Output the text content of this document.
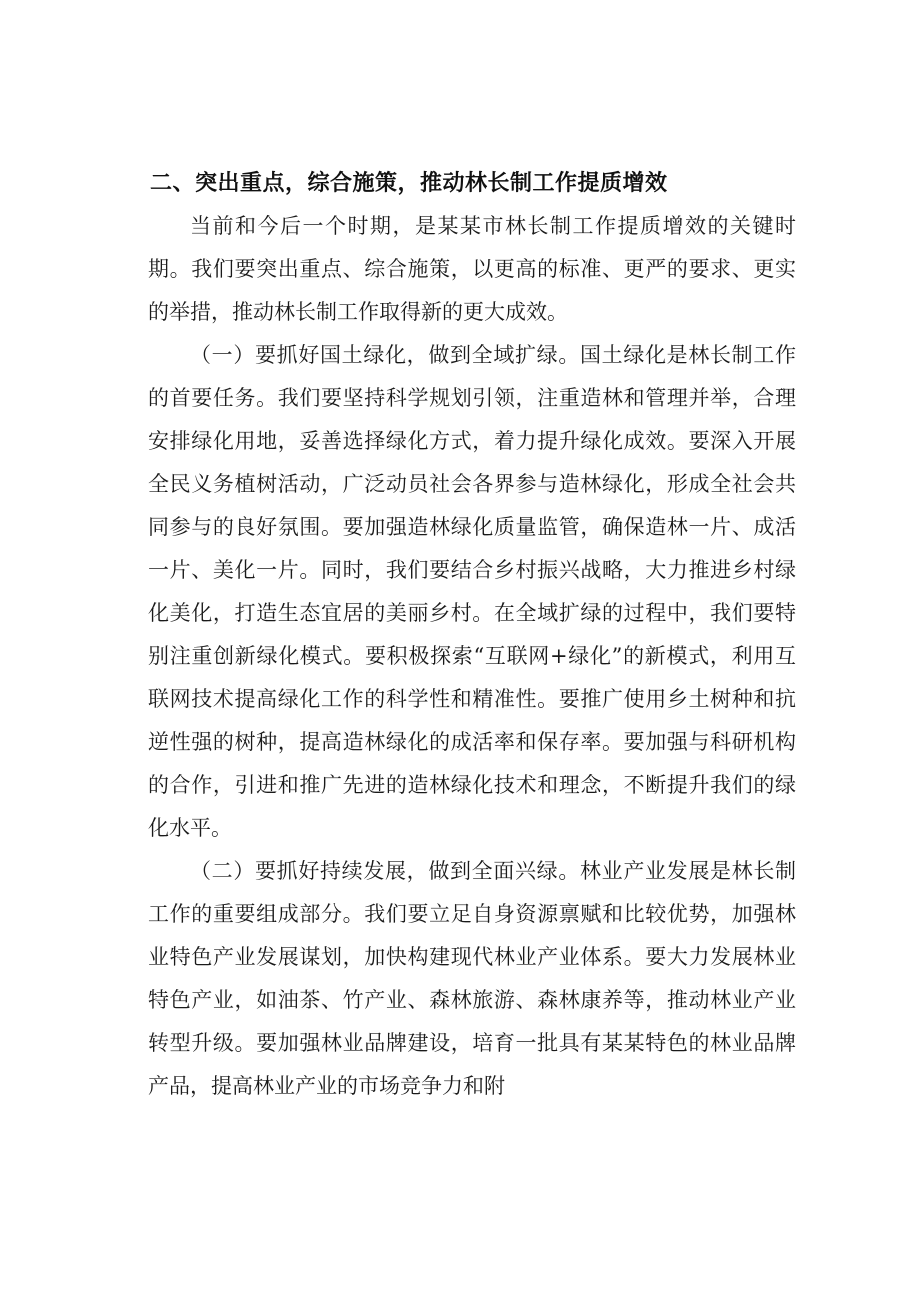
二、突出重点，综合施策，推动林长制工作提质增效

当前和今后一个时期，是某某市林长制工作提质增效的关键时期。我们要突出重点、综合施策，以更高的标准、更严的要求、更实的举措，推动林长制工作取得新的更大成效。

（一）要抓好国土绿化，做到全域扩绿。国土绿化是林长制工作的首要任务。我们要坚持科学规划引领，注重造林和管理并举，合理安排绿化用地，妥善选择绿化方式，着力提升绿化成效。要深入开展全民义务植树活动，广泛动员社会各界参与造林绿化，形成全社会共同参与的良好氛围。要加强造林绿化质量监管，确保造林一片、成活一片、美化一片。同时，我们要结合乡村振兴战略，大力推进乡村绿化美化，打造生态宜居的美丽乡村。在全域扩绿的过程中，我们要特别注重创新绿化模式。要积极探索“互联网+绿化”的新模式，利用互联网技术提高绿化工作的科学性和精准性。要推广使用乡土树种和抗逆性强的树种，提高造林绿化的成活率和保存率。要加强与科研机构的合作，引进和推广先进的造林绿化技术和理念，不断提升我们的绿化水平。

（二）要抓好持续发展，做到全面兴绿。林业产业发展是林长制工作的重要组成部分。我们要立足自身资源禀赋和比较优势，加强林业特色产业发展谋划，加快构建现代林业产业体系。要大力发展林业特色产业，如油茶、竹产业、森林旅游、森林康养等，推动林业产业转型升级。要加强林业品牌建设，培育一批具有某某特色的林业品牌产品，提高林业产业的市场竞争力和附
